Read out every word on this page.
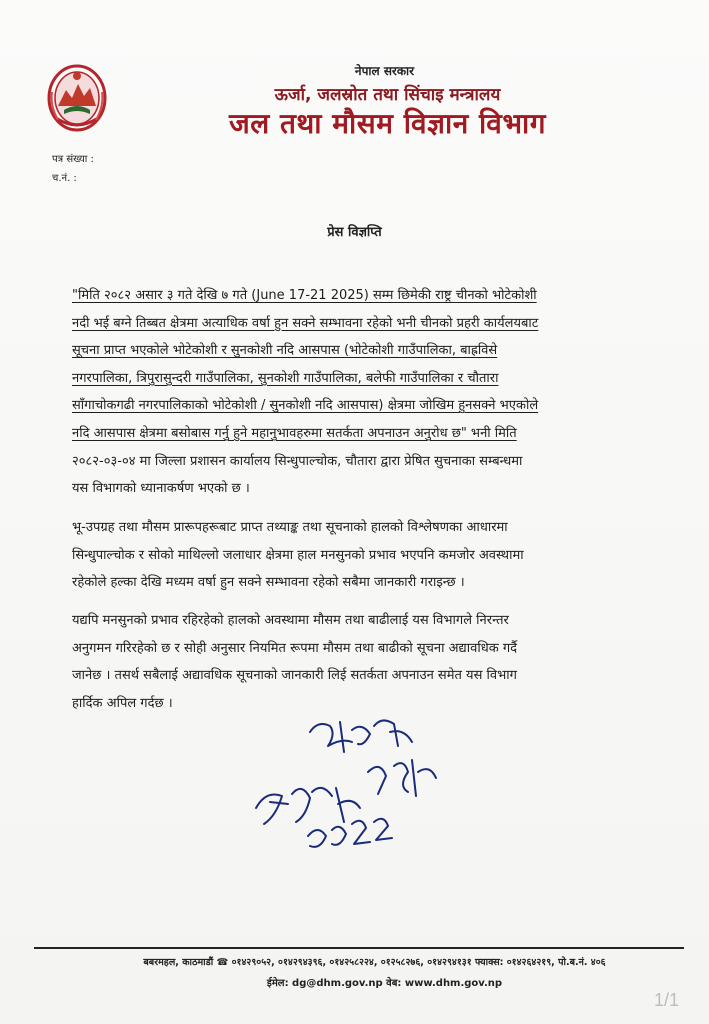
नेपाल सरकार
ऊर्जा, जलस्रोत तथा सिंचाइ मन्त्रालय
जल तथा मौसम विज्ञान विभाग
पत्र संख्या :
च.नं. :
प्रेस विज्ञप्ति
"मिति २०८२ असार ३ गते देखि ७ गते (June 17-21 2025) सम्म छिमेकी राष्ट्र चीनको भोटेकोशी
नदी भई बग्ने तिब्बत क्षेत्रमा अत्याधिक वर्षा हुन सक्ने सम्भावना रहेको भनी चीनको प्रहरी कार्यलयबाट
सूचना प्राप्त भएकोले भोटेकोशी र सुनकोशी नदि आसपास (भोटेकोशी गाउँपालिका, बाह्रविसे
नगरपालिका, त्रिपुरासुन्दरी गाउँपालिका, सुनकोशी गाउँपालिका, बलेफी गाउँपालिका र चौतारा
साँगाचोकगढी नगरपालिकाको भोटेकोशी / सुनकोशी नदि आसपास) क्षेत्रमा जोखिम हुनसक्ने भएकोले
नदि आसपास क्षेत्रमा बसोबास गर्नु हुने महानुभावहरुमा सतर्कता अपनाउन अनुरोध छ" भनी मिति
२०८२-०३-०४ मा जिल्ला प्रशासन कार्यालय सिन्धुपाल्चोक, चौतारा द्वारा प्रेषित सुचनाका सम्बन्धमा
यस विभागको ध्यानाकर्षण भएको छ ।
भू-उपग्रह तथा मौसम प्रारूपहरूबाट प्राप्त तथ्याङ्क तथा सूचनाको हालको विश्लेषणका आधारमा
सिन्धुपाल्चोक र सोको माथिल्लो जलाधार क्षेत्रमा हाल मनसुनको प्रभाव भएपनि कमजोर अवस्थामा
रहेकोले हल्का देखि मध्यम वर्षा हुन सक्ने सम्भावना रहेको सबैमा जानकारी गराइन्छ ।
यद्यपि मनसुनको प्रभाव रहिरहेको हालको अवस्थामा मौसम तथा बाढीलाई यस विभागले निरन्तर
अनुगमन गरिरहेको छ र सोही अनुसार नियमित रूपमा मौसम तथा बाढीको सूचना अद्यावधिक गर्दै
जानेछ । तसर्थ सबैलाई अद्यावधिक सूचनाको जानकारी लिई सतर्कता अपनाउन समेत यस विभाग
हार्दिक अपिल गर्दछ ।
बबरमहल, काठमाडौं ☎ ०१४२९०५२, ०१४२९४३९६, ०१४२५८२२४, ०१२५८२७६, ०१४२९४१३१ फ्याक्स: ०१४२६४२१९, पो.ब.नं. ४०६
ईमेल: dg@dhm.gov.np वेब: www.dhm.gov.np
1/1
